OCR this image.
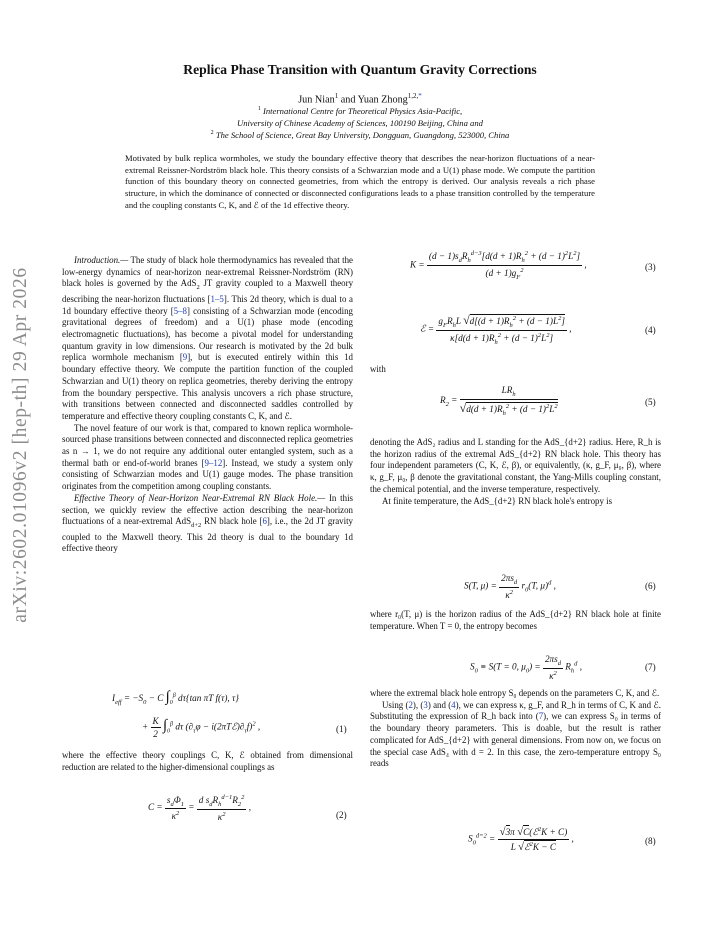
arXiv:2602.01096v2 [hep-th] 29 Apr 2026
Replica Phase Transition with Quantum Gravity Corrections
Jun Nian$^1$ and Yuan Zhong$^{1,2,*}$
$^1$ International Centre for Theoretical Physics Asia-Pacific,
University of Chinese Academy of Sciences, 100190 Beijing, China and
$^2$ The School of Science, Great Bay University, Dongguan, Guangdong, 523000, China
Motivated by bulk replica wormholes, we study the boundary effective theory that describes the near-horizon fluctuations of a near-extremal Reissner-Nordström black hole. This theory consists of a Schwarzian mode and a U(1) phase mode. We compute the partition function of this boundary theory on connected geometries, from which the entropy is derived. Our analysis reveals a rich phase structure, in which the dominance of connected or disconnected configurations leads to a phase transition controlled by the temperature and the coupling constants C, K, and ℰ of the 1d effective theory.

Introduction.— The study of black hole thermodynamics has revealed that the low-energy dynamics of near-horizon near-extremal Reissner-Nordström (RN) black holes is governed by the AdS$_2$ JT gravity coupled to a Maxwell theory describing the near-horizon fluctuations [1–5]. This 2d theory, which is dual to a 1d boundary effective theory [5–8] consisting of a Schwarzian mode (encoding gravitational degrees of freedom) and a U(1) phase mode (encoding electromagnetic fluctuations), has become a pivotal model for understanding quantum gravity in low dimensions. Our research is motivated by the 2d bulk replica wormhole mechanism [9], but is executed entirely within this 1d boundary effective theory. We compute the partition function of the coupled Schwarzian and U(1) theory on replica geometries, thereby deriving the entropy from the boundary perspective. This analysis uncovers a rich phase structure, with transitions between connected and disconnected saddles controlled by temperature and effective theory coupling constants C, K, and ℰ.

The novel feature of our work is that, compared to known replica wormhole-sourced phase transitions between connected and disconnected replica geometries as n → 1, we do not require any additional outer entangled system, such as a thermal bath or end-of-world branes [9–12]. Instead, we study a system only consisting of Schwarzian modes and U(1) gauge modes. The phase transition originates from the competition among coupling constants.

Effective Theory of Near-Horizon Near-Extremal RN Black Hole.— In this section, we quickly review the effective action describing the near-horizon fluctuations of a near-extremal AdS$_{d+2}$ RN black hole [6], i.e., the 2d JT gravity coupled to the Maxwell theory. This 2d theory is dual to the boundary 1d effective theory

$I_{eff} = -S_0 - C$ $\int_0^\beta$ dτ{tan πT f(τ), τ}
+ $\frac{K}{2} \int_0^\beta$ dτ ($\partial_\tau\varphi$ − $i(2\pi Tℰ)\partial_\tau f)^2$ ,	(1)
where the effective theory couplings C, K, ℰ obtained from dimensional reduction are related to the higher-dimensional couplings as
$C = \frac{s_d\Phi_1}{\kappa^2} = \frac{d s_dR_h^{d-1}R_2^2}{\kappa^2}$ ,
(2)
$K = \frac{(d - 1)s_dR_h^{d-3}[d(d + 1)R_h^2 + (d - 1)^2L^2]}{(d + 1)g_F^2}$ ,	(3)
ℰ = $\frac{g_FR_hL √d[(d + 1)R_h^2 + (d - 1)L^2]}{\kappa[d(d + 1)R_h^2 + (d - 1)^2L^2]}$ ,	(4)
with
$R_2 = \frac{LR_h}{√d(d + 1)R_h^2 + (d - 1)^2L^2}$	(5)

denoting the AdS₂ radius and L standing for the AdS_{d+2} radius. Here, R_h is the horizon radius of the extremal AdS_{d+2} RN black hole. This theory has four independent parameters (C, K, ℰ, β), or equivalently, (κ, g_F, μ₀, β), where κ, g_F, μ₀, β denote the gravitational constant, the Yang-Mills coupling constant, the chemical potential, and the inverse temperature, respectively.

At finite temperature, the AdS_{d+2} RN black hole's entropy is

S(T, $\mu) = \frac{2\pi s_d}{\kappa^2} r_0(T$, μ)$^d$ ,	(6)
where r₀(T, μ) is the horizon radius of the AdS_{d+2} RN black hole at finite temperature. When T = 0, the entropy becomes
$S_0 \equiv S(T = 0$, $\mu_0) = \frac{2\pi s_d}{\kappa^2} R_h^d$ ,	(7)

where the extremal black hole entropy S₀ depends on the parameters C, K, and ℰ.

Using (2), (3) and (4), we can express κ, g_F, and R_h in terms of C, K and ℰ. Substituting the expression of R_h back into (7), we can express S₀ in terms of the boundary theory parameters. This is doable, but the result is rather complicated for AdS_{d+2} with general dimensions. From now on, we focus on the special case AdS₄ with d = 2. In this case, the zero-temperature entropy S₀ reads

$S_0^{d=2} = \frac{√3\pi √C(ℰ^2K + C)}{L √ℰ^2K - C}$ ,	(8)
